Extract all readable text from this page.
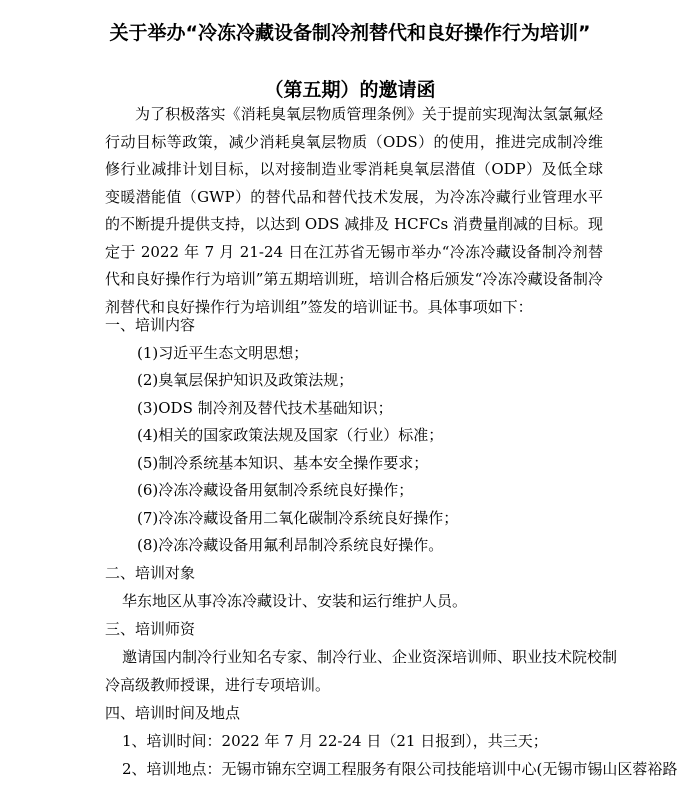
关于举办“冷冻冷藏设备制冷剂替代和良好操作行为培训”
（第五期）的邀请函
为了积极落实《消耗臭氧层物质管理条例》关于提前实现淘汰氢氯氟烃行动目标等政策，减少消耗臭氧层物质（ODS）的使用，推进完成制冷维修行业减排计划目标，以对接制造业零消耗臭氧层潜值（ODP）及低全球变暖潜能值（GWP）的替代品和替代技术发展，为冷冻冷藏行业管理水平的不断提升提供支持，以达到 ODS 减排及 HCFCs 消费量削减的目标。现定于 2022 年 7 月 21-24 日在江苏省无锡市举办“冷冻冷藏设备制冷剂替代和良好操作行为培训”第五期培训班，培训合格后颁发“冷冻冷藏设备制冷剂替代和良好操作行为培训组”签发的培训证书。具体事项如下：
一、培训内容
(1)习近平生态文明思想；
(2)臭氧层保护知识及政策法规；
(3)ODS 制冷剂及替代技术基础知识；
(4)相关的国家政策法规及国家（行业）标准；
(5)制冷系统基本知识、基本安全操作要求；
(6)冷冻冷藏设备用氨制冷系统良好操作；
(7)冷冻冷藏设备用二氧化碳制冷系统良好操作；
(8)冷冻冷藏设备用氟利昂制冷系统良好操作。
二、培训对象
华东地区从事冷冻冷藏设计、安装和运行维护人员。
三、培训师资
邀请国内制冷行业知名专家、制冷行业、企业资深培训师、职业技术院校制
冷高级教师授课，进行专项培训。
四、培训时间及地点
1、培训时间：2022 年 7 月 22-24 日（21 日报到），共三天；
2、培训地点：无锡市锦东空调工程服务有限公司技能培训中心(无锡市锡山区蓉裕路
